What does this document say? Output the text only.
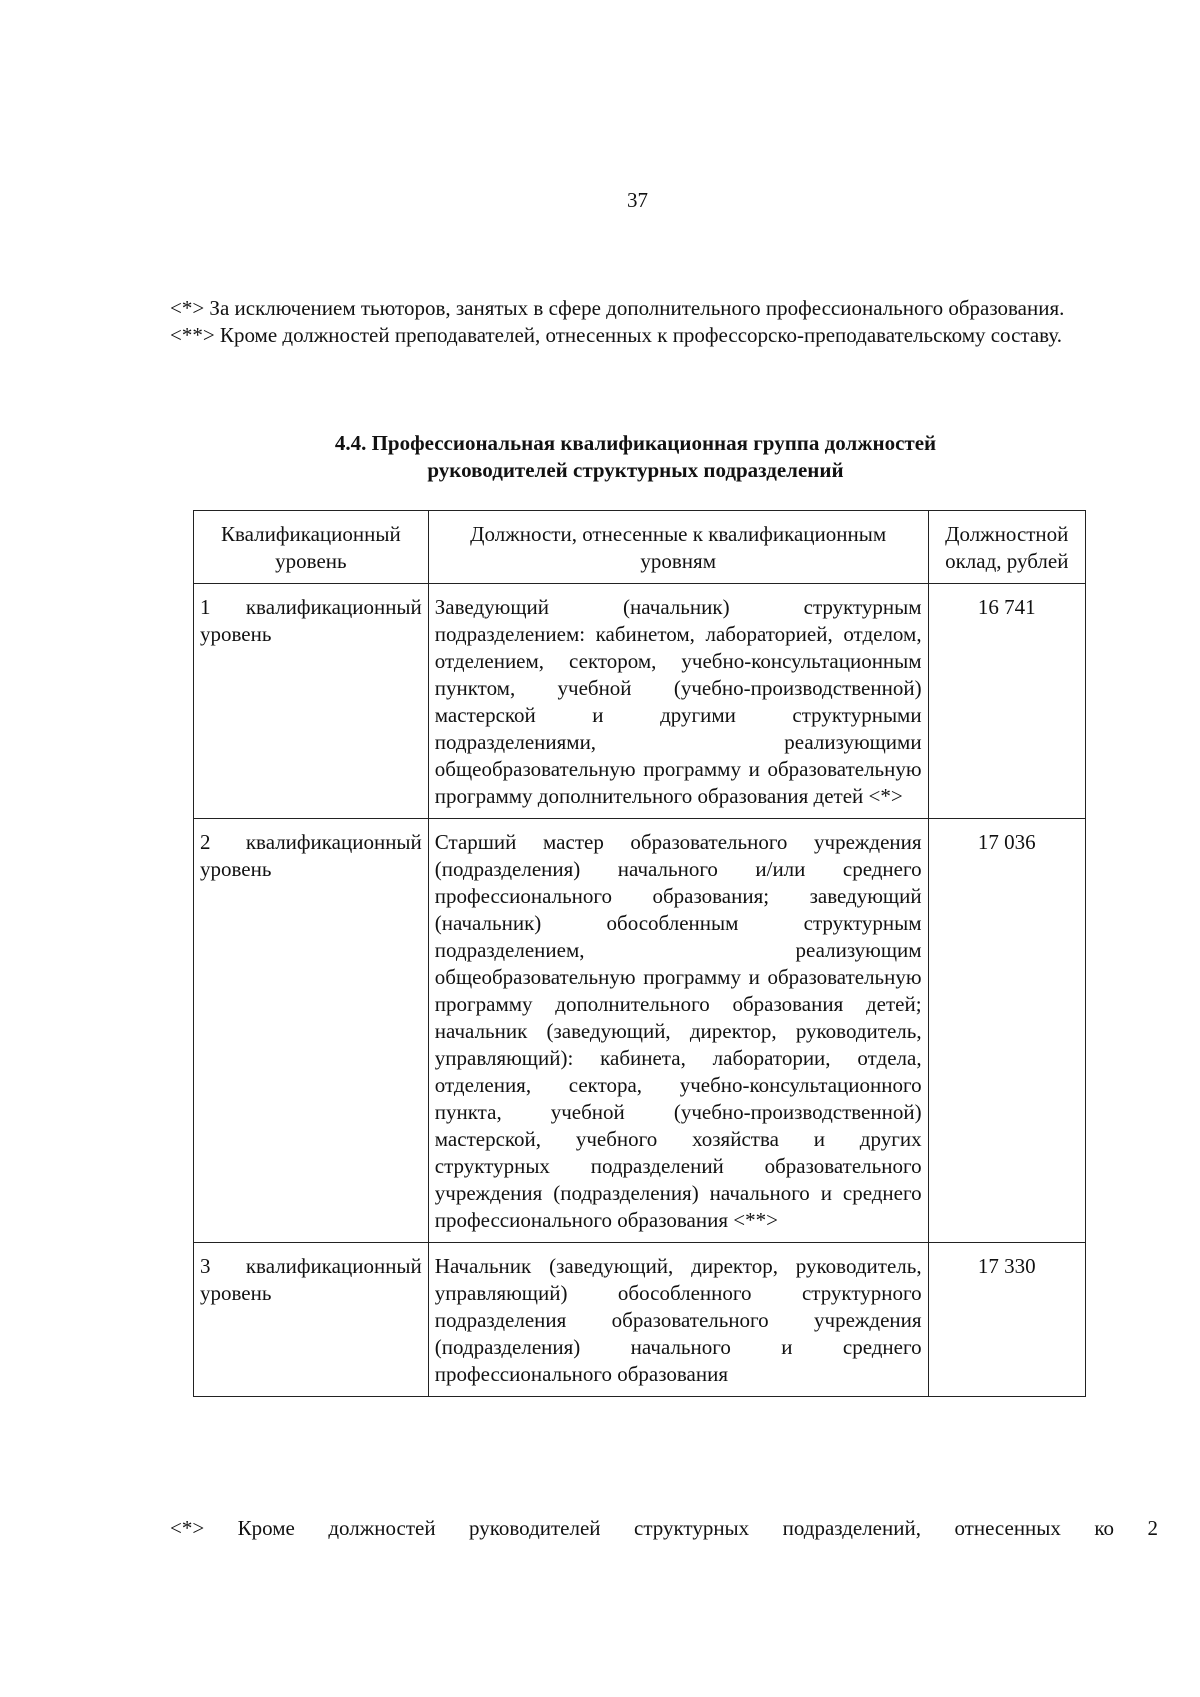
37

<*> За исключением тьюторов, занятых в сфере дополнительного профессионального образования.

<**> Кроме должностей преподавателей, отнесенных к профессорско-преподавательскому составу.

4.4. Профессиональная квалификационная группа должностей
руководителей структурных подразделений
Квалификационный уровень	Должности, отнесенные к квалификационным уровням	Должностной оклад, рублей
1 квалификационный уровень	Заведующий (начальник) структурным подразделением: кабинетом, лабораторией, отделом, отделением, сектором, учебно-консультационным пунктом, учебной (учебно-производственной) мастерской и другими структурными подразделениями, реализующими общеобразовательную программу и образовательную программу дополнительного образования детей <*>	16 741
2 квалификационный уровень	Старший мастер образовательного учреждения (подразделения) начального и/или среднего профессионального образования; заведующий (начальник) обособленным структурным подразделением, реализующим общеобразовательную программу и образовательную программу дополнительного образования детей; начальник (заведующий, директор, руководитель, управляющий): кабинета, лаборатории, отдела, отделения, сектора, учебно-консультационного пункта, учебной (учебно-производственной) мастерской, учебного хозяйства и других структурных подразделений образовательного учреждения (подразделения) начального и среднего профессионального образования <**>	17 036
3 квалификационный уровень	Начальник (заведующий, директор, руководитель, управляющий) обособленного структурного подразделения образовательного учреждения (подразделения) начального и среднего профессионального образования	17 330
<*> Кроме должностей руководителей структурных подразделений, отнесенных ко 2
